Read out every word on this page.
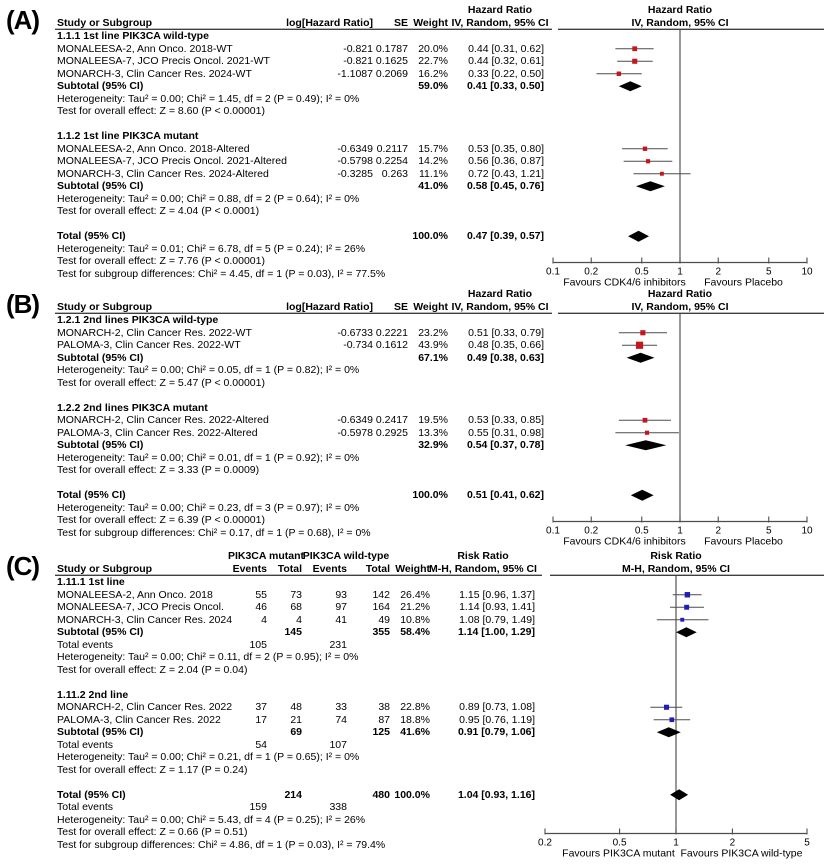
(A)
0.1 0.2	0.5	1	2	5	10
Favours CDK4/6 inhibitors Favours Placebo
Hazard Ratio	Hazard Ratio
Study or Subgroup	log[Hazard Ratio]	SE Weight IV, Random, 95% CI	IV, Random, 95% CI
1.1.1 1st line PIK3CA wild-type
MONALEESA-2, Ann Onco. 2018-WT	-0.821 0.1787 20.0%	0.44 [0.31, 0.62]
MONALEESA-7, JCO Precis Oncol. 2021-WT	-0.821 0.1625 22.7%	0.44 [0.32, 0.61]
MONARCH-3, Clin Cancer Res. 2024-WT	-1.1087 0.2069 16.2%	0.33 [0.22, 0.50]
Subtotal (95% CI)	59.0%	0.41 [0.33, 0.50]
Heterogeneity: Tau² = 0.00; Chi² = 1.45, df = 2 (P = 0.49); I² = 0%
Test for overall effect: Z = 8.60 (P < 0.00001)
1.1.2 1st line PIK3CA mutant
MONALEESA-2, Ann Onco. 2018-Altered	-0.6349 0.2117 15.7%	0.53 [0.35, 0.80]
MONALEESA-7, JCO Precis Oncol. 2021-Altered	-0.5798 0.2254 14.2%	0.56 [0.36, 0.87]
MONARCH-3, Clin Cancer Res. 2024-Altered	-0.3285 0.263	11.1%	0.72 [0.43, 1.21]
Subtotal (95% CI)	41.0%	0.58 [0.45, 0.76]
Heterogeneity: Tau² = 0.00; Chi² = 0.88, df = 2 (P = 0.64); I² = 0%
Test for overall effect: Z = 4.04 (P < 0.0001)
Total (95% CI)	100.0%	0.47 [0.39, 0.57]
Heterogeneity: Tau² = 0.01; Chi² = 6.78, df = 5 (P = 0.24); I² = 26%
Test for overall effect: Z = 7.76 (P < 0.00001)
Test for subgroup differences: Chi² = 4.45, df = 1 (P = 0.03), I² = 77.5%
(B)
0.1 0.2	0.5	1	2	5	10
Favours CDK4/6 inhibitors Favours Placebo
Hazard Ratio	Hazard Ratio
Study or Subgroup	log[Hazard Ratio]	SE Weight IV, Random, 95% CI	IV, Random, 95% CI
1.2.1 2nd lines PIK3CA wild-type
MONARCH-2, Clin Cancer Res. 2022-WT	-0.6733 0.2221 23.2%	0.51 [0.33, 0.79]
PALOMA-3, Clin Cancer Res. 2022-WT	-0.734 0.1612 43.9%	0.48 [0.35, 0.66]
Subtotal (95% CI)	67.1%	0.49 [0.38, 0.63]
Heterogeneity: Tau² = 0.00; Chi² = 0.05, df = 1 (P = 0.82); I² = 0%
Test for overall effect: Z = 5.47 (P < 0.00001)
1.2.2 2nd lines PIK3CA mutant
MONARCH-2, Clin Cancer Res. 2022-Altered	-0.6349 0.2417 19.5%	0.53 [0.33, 0.85]
PALOMA-3, Clin Cancer Res. 2022-Altered	-0.5978 0.2925 13.3%	0.55 [0.31, 0.98]
Subtotal (95% CI)	32.9%	0.54 [0.37, 0.78]
Heterogeneity: Tau² = 0.00; Chi² = 0.01, df = 1 (P = 0.92); I² = 0%
Test for overall effect: Z = 3.33 (P = 0.0009)
Total (95% CI)	100.0%	0.51 [0.41, 0.62]
Heterogeneity: Tau² = 0.00; Chi² = 0.23, df = 3 (P = 0.97); I² = 0%
Test for overall effect: Z = 6.39 (P < 0.00001)
Test for subgroup differences: Chi² = 0.17, df = 1 (P = 0.68), I² = 0%
(C)
0.2	0.5	1	2	5
Favours PIK3CA mutant Favours PIK3CA wild-type
PIK3CA mutant
PIK3CA wild-type	Risk Ratio
Risk Ratio
Study or Subgroup	Events	Total	Events	Total Weight M-H, Random, 95% CI	M-H, Random, 95% CI
1.11.1 1st line
MONALEESA-2, Ann Onco. 2018	55	73	93	142 26.4%	1.15 [0.96, 1.37]
MONALEESA-7, JCO Precis Oncol.	46	68	97	164 21.2%	1.14 [0.93, 1.41]
MONARCH-3, Clin Cancer Res. 2024	4	4	41	49 10.8%	1.08 [0.79, 1.49]
Subtotal (95% CI)	145	355 58.4%	1.14 [1.00, 1.29]
Total events	105	231
Heterogeneity: Tau² = 0.00; Chi² = 0.11, df = 2 (P = 0.95); I² = 0%
Test for overall effect: Z = 2.04 (P = 0.04)
1.11.2 2nd line
MONARCH-2, Clin Cancer Res. 2022	37	48	33	38 22.8%	0.89 [0.73, 1.08]
PALOMA-3, Clin Cancer Res. 2022	17	21	74	87 18.8%	0.95 [0.76, 1.19]
Subtotal (95% CI)	69	125 41.6%	0.91 [0.79, 1.06]
Total events	54	107
Heterogeneity: Tau² = 0.00; Chi² = 0.21, df = 1 (P = 0.65); I² = 0%
Test for overall effect: Z = 1.17 (P = 0.24)
Total (95% CI)	214	480 100.0%	1.04 [0.93, 1.16]
Total events	159	338
Heterogeneity: Tau² = 0.00; Chi² = 5.43, df = 4 (P = 0.25); I² = 26%
Test for overall effect: Z = 0.66 (P = 0.51)
Test for subgroup differences: Chi² = 4.86, df = 1 (P = 0.03), I² = 79.4%
